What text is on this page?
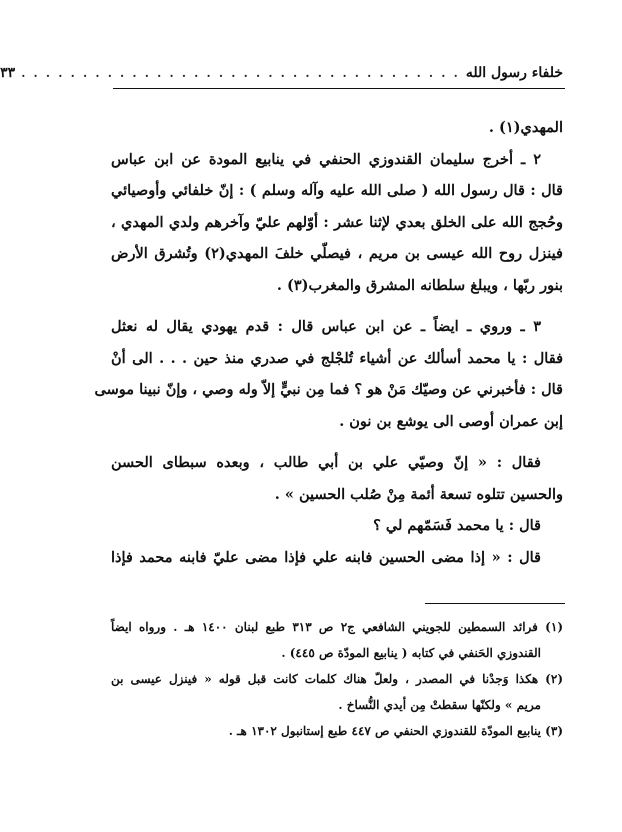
خلفاء رسول الله
. . . . . . . . . . . . . . . . . . . . . . . . . . . . . . . . . . . .
٣٣
المهدي(١) .
٢ ـ أخرج سليمان القندوزي الحنفي في ينابيع المودة عن ابن عباس
قال : قال رسول الله ( صلى الله عليه وآله وسلم ) : إنّ خلفائي وأوصيائي
وحُجج الله على الخلق بعدي لإثنا عشر : أوّلهم عليّ وآخرهم ولدي المهدي ،
فينزل روح الله عيسى بن مريم ، فيصلّي خلفَ المهدي(٢) وتُشرق الأرض
بنور ربّها ، ويبلغ سلطانه المشرق والمغرب(٣) .
٣ ـ وروي ـ ايضاً ـ عن ابن عباس قال : قدم يهودي يقال له نعثل
فقال : يا محمد أسألك عن أشياء تُلجْلج في صدري منذ حين . . . الى أنْ
قال : فأخبرني عن وصيّك مَنْ هو ؟ فما مِن نبيٍّ إلاّ وله وصي ، وإنّ نبينا موسى
إبن عمران أوصى الى يوشع بن نون .
فقال : « إنّ وصيّي علي بن أبي طالب ، وبعده سبطاى الحسن
والحسين تتلوه تسعة أئمة مِنْ صُلب الحسين » .
قال : يا محمد فَسَمّهم لي ؟
قال : « إذا مضى الحسين فابنه علي فإذا مضى عليّ فابنه محمد فإذا
(١) فرائد السمطين للجويني الشافعي ج٢ ص ٣١٣ طبع لبنان ١٤٠٠ هـ . ورواه ايضاً
القندوزي الحَنفي في كتابه ( ينابيع المودّة ص ٤٤٥) .
(٢) هكذا وَجدْنا في المصدر ، ولعلّ هناك كلمات كانت قبل قوله « فينزل عيسى بن
مريم » ولكنّها سقطتْ مِن أيدي النُّساخ .
(٣) ينابيع المودّة للقندوزي الحنفي ص ٤٤٧ طبع إستانبول ١٣٠٢ هـ .
